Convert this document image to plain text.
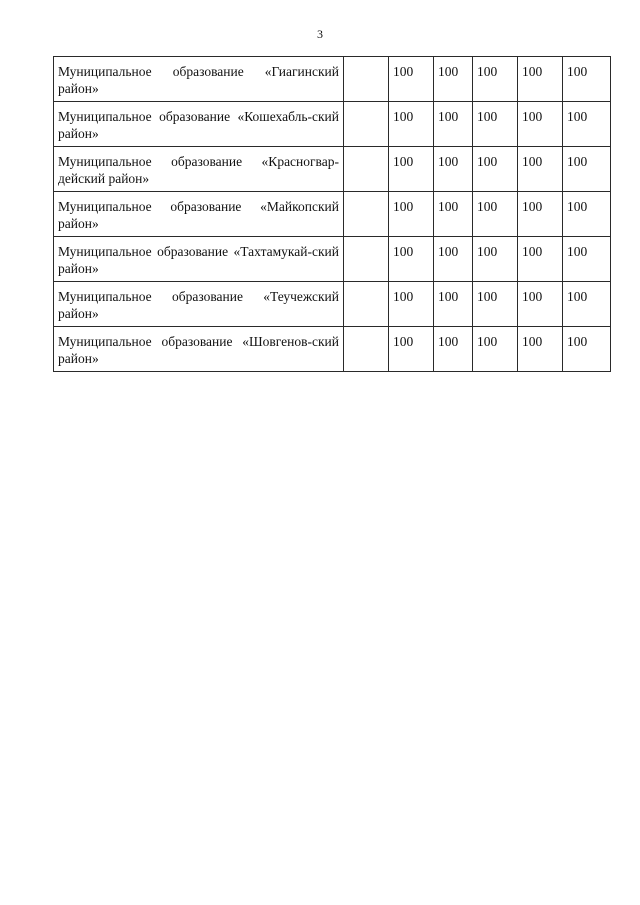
3
Муниципальное образование «Гиагинский район»		100	100	100	100	100
Муниципальное образование «Кошехабль-ский район»		100	100	100	100	100
Муниципальное образование «Красногвар-дейский район»		100	100	100	100	100
Муниципальное образование «Майкопский район»		100	100	100	100	100
Муниципальное образование «Тахтамукай-ский район»		100	100	100	100	100
Муниципальное образование «Теучежский район»		100	100	100	100	100
Муниципальное образование «Шовгенов-ский район»		100	100	100	100	100
